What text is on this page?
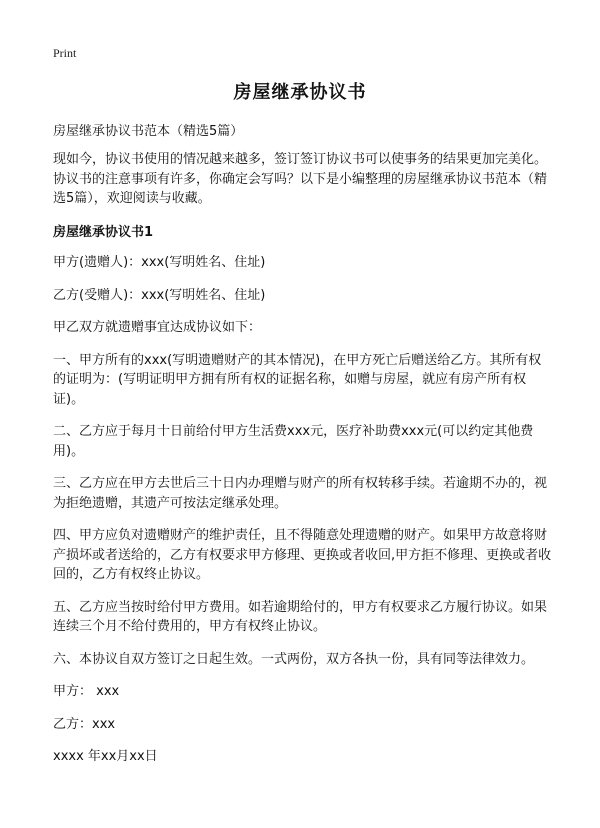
Print
房屋继承协议书
房屋继承协议书范本（精选5篇）

现如今，协议书使用的情况越来越多，签订签订协议书可以使事务的结果更加完美化。协议书的注意事项有许多，你确定会写吗？以下是小编整理的房屋继承协议书范本（精选5篇），欢迎阅读与收藏。

房屋继承协议书1

甲方(遗赠人)：xxx(写明姓名、住址)

乙方(受赠人)：xxx(写明姓名、住址)

甲乙双方就遗赠事宜达成协议如下：

一、甲方所有的xxx(写明遗赠财产的其本情况)，在甲方死亡后赠送给乙方。其所有权的证明为：(写明证明甲方拥有所有权的证据名称，如赠与房屋，就应有房产所有权证)。

二、乙方应于每月十日前给付甲方生活费xxx元，医疗补助费xxx元(可以约定其他费用)。

三、乙方应在甲方去世后三十日内办理赠与财产的所有权转移手续。若逾期不办的，视为拒绝遗赠，其遗产可按法定继承处理。

四、甲方应负对遗赠财产的维护责任，且不得随意处理遗赠的财产。如果甲方故意将财产损坏或者送给的，乙方有权要求甲方修理、更换或者收回,甲方拒不修理、更换或者收回的，乙方有权终止协议。

五、乙方应当按时给付甲方费用。如若逾期给付的，甲方有权要求乙方履行协议。如果连续三个月不给付费用的，甲方有权终止协议。

六、本协议自双方签订之日起生效。一式两份，双方各执一份，具有同等法律效力。

甲方： xxx

乙方：xxx

xxxx 年xx月xx日
